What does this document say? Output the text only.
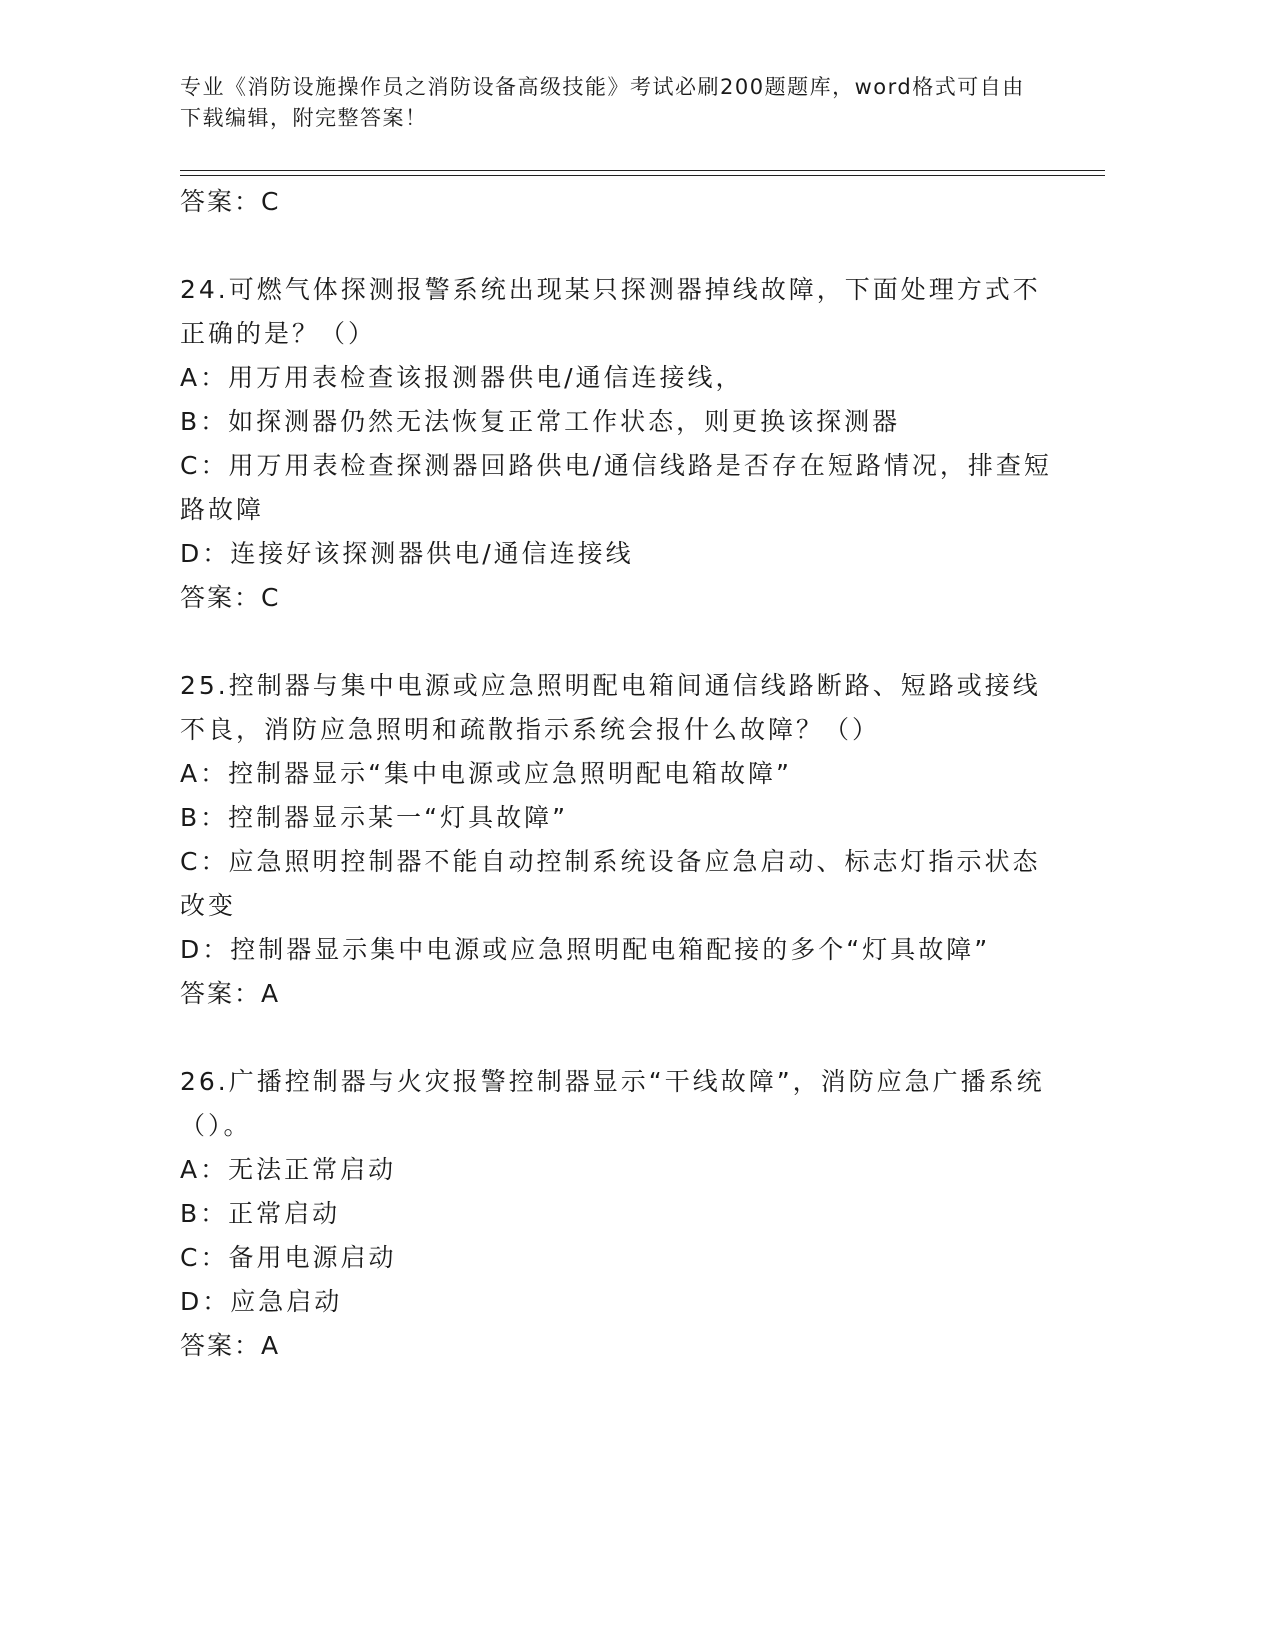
专业《消防设施操作员之消防设备高级技能》考试必刷200题题库，word格式可自由下载编辑，附完整答案！
答案：C
24.可燃气体探测报警系统出现某只探测器掉线故障，下面处理方式不正确的是？（）
A：用万用表检查该报测器供电/通信连接线，
B：如探测器仍然无法恢复正常工作状态，则更换该探测器
C：用万用表检查探测器回路供电/通信线路是否存在短路情况，排查短路故障
D：连接好该探测器供电/通信连接线
答案：C
25.控制器与集中电源或应急照明配电箱间通信线路断路、短路或接线不良，消防应急照明和疏散指示系统会报什么故障？（）
A：控制器显示“集中电源或应急照明配电箱故障”
B：控制器显示某一“灯具故障”
C：应急照明控制器不能自动控制系统设备应急启动、标志灯指示状态改变
D：控制器显示集中电源或应急照明配电箱配接的多个“灯具故障”
答案：A
26.广播控制器与火灾报警控制器显示“干线故障”，消防应急广播系统（）。
A：无法正常启动
B：正常启动
C：备用电源启动
D：应急启动
答案：A
